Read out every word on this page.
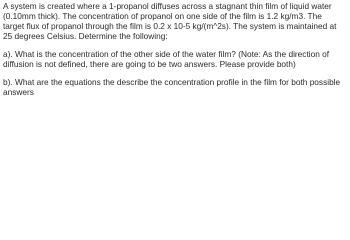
A system is created where a 1-propanol diffuses across a stagnant thin film of liquid water (0.10mm thick). The concentration of propanol on one side of the film is 1.2 kg/m3. The target flux of propanol through the film is 0.2 x 10-5 kg/(m^2s). The system is maintained at 25 degrees Celsius. Determine the following:

a). What is the concentration of the other side of the water film? (Note: As the direction of diffusion is not defined, there are going to be two answers. Please provide both)

b). What are the equations the describe the concentration profile in the film for both possible answers
